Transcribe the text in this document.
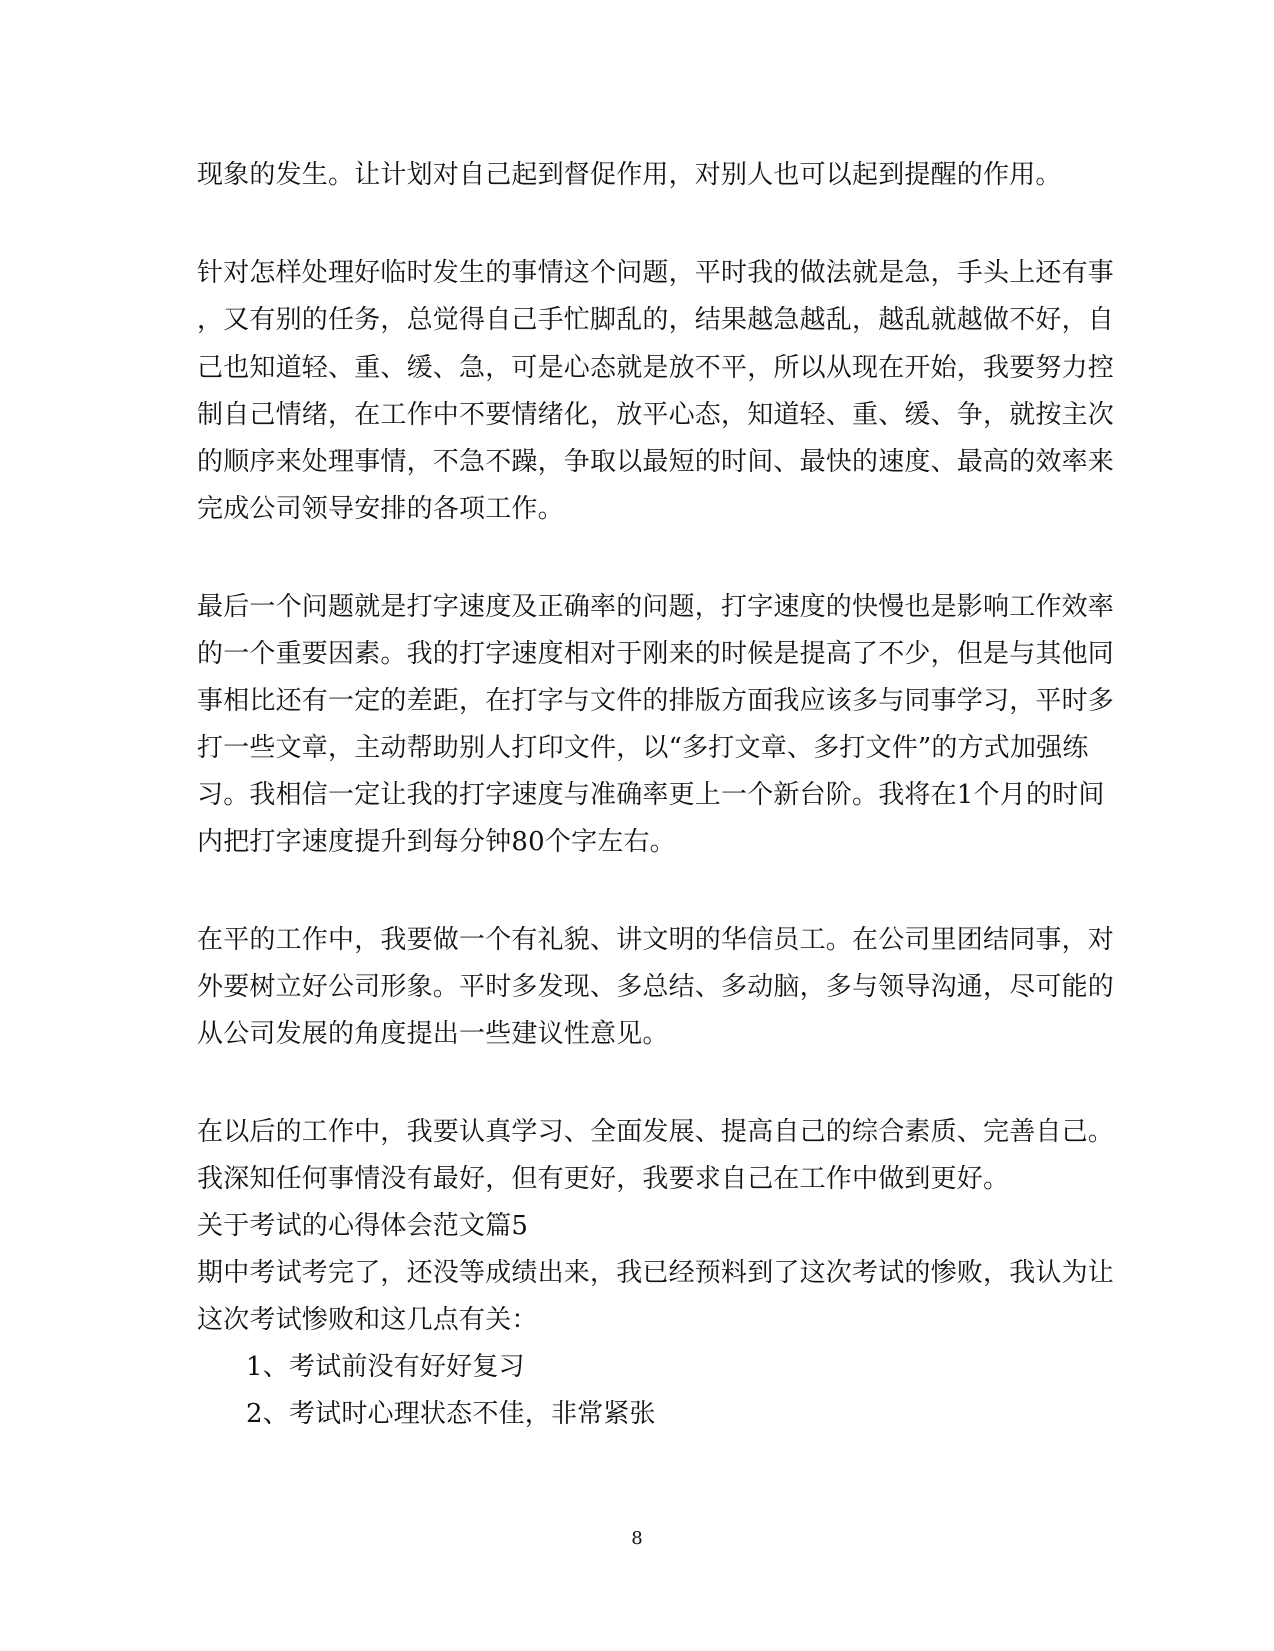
现象的发生。让计划对自己起到督促作用，对别人也可以起到提醒的作用。

针对怎样处理好临时发生的事情这个问题，平时我的做法就是急，手头上还有事

，又有别的任务，总觉得自己手忙脚乱的，结果越急越乱，越乱就越做不好，自

己也知道轻、重、缓、急，可是心态就是放不平，所以从现在开始，我要努力控

制自己情绪，在工作中不要情绪化，放平心态，知道轻、重、缓、争，就按主次

的顺序来处理事情，不急不躁，争取以最短的时间、最快的速度、最高的效率来

完成公司领导安排的各项工作。

最后一个问题就是打字速度及正确率的问题，打字速度的快慢也是影响工作效率

的一个重要因素。我的打字速度相对于刚来的时候是提高了不少，但是与其他同

事相比还有一定的差距，在打字与文件的排版方面我应该多与同事学习，平时多

打一些文章，主动帮助别人打印文件，以“多打文章、多打文件”的方式加强练

习。我相信一定让我的打字速度与准确率更上一个新台阶。我将在1个月的时间

内把打字速度提升到每分钟80个字左右。

在平的工作中，我要做一个有礼貌、讲文明的华信员工。在公司里团结同事，对

外要树立好公司形象。平时多发现、多总结、多动脑，多与领导沟通，尽可能的

从公司发展的角度提出一些建议性意见。

在以后的工作中，我要认真学习、全面发展、提高自己的综合素质、完善自己。

我深知任何事情没有最好，但有更好，我要求自己在工作中做到更好。

关于考试的心得体会范文篇5

期中考试考完了，还没等成绩出来，我已经预料到了这次考试的惨败，我认为让

这次考试惨败和这几点有关：

1、考试前没有好好复习

2、考试时心理状态不佳，非常紧张

8
